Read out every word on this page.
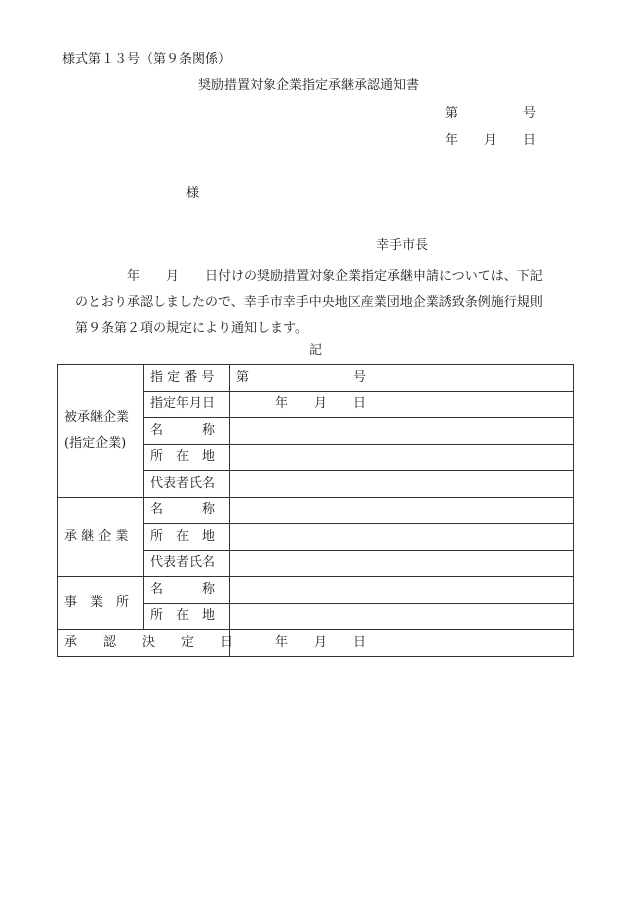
様式第１３号（第９条関係）
奨励措置対象企業指定承継承認通知書
第　　　　　号
年　　月　　日
様
幸手市長
　　　　年　　月　　日付けの奨励措置対象企業指定承継申請については、下記
のとおり承認しましたので、幸手市幸手中央地区産業団地企業誘致条例施行規則
第９条第２項の規定により通知します。
記
被承継企業
(指定企業)	指 定 番 号	第　　　　　　　　号
	指定年月日	　　　年　　月　　日
	名　　　称	
	所　在　地	
	代表者氏名	
承 継 企 業	名　　　称	
	所　在　地	
	代表者氏名	
事　業　所	名　　　称	
	所　在　地	
承　　認　　決　　定　　日		　　　年　　月　　日
